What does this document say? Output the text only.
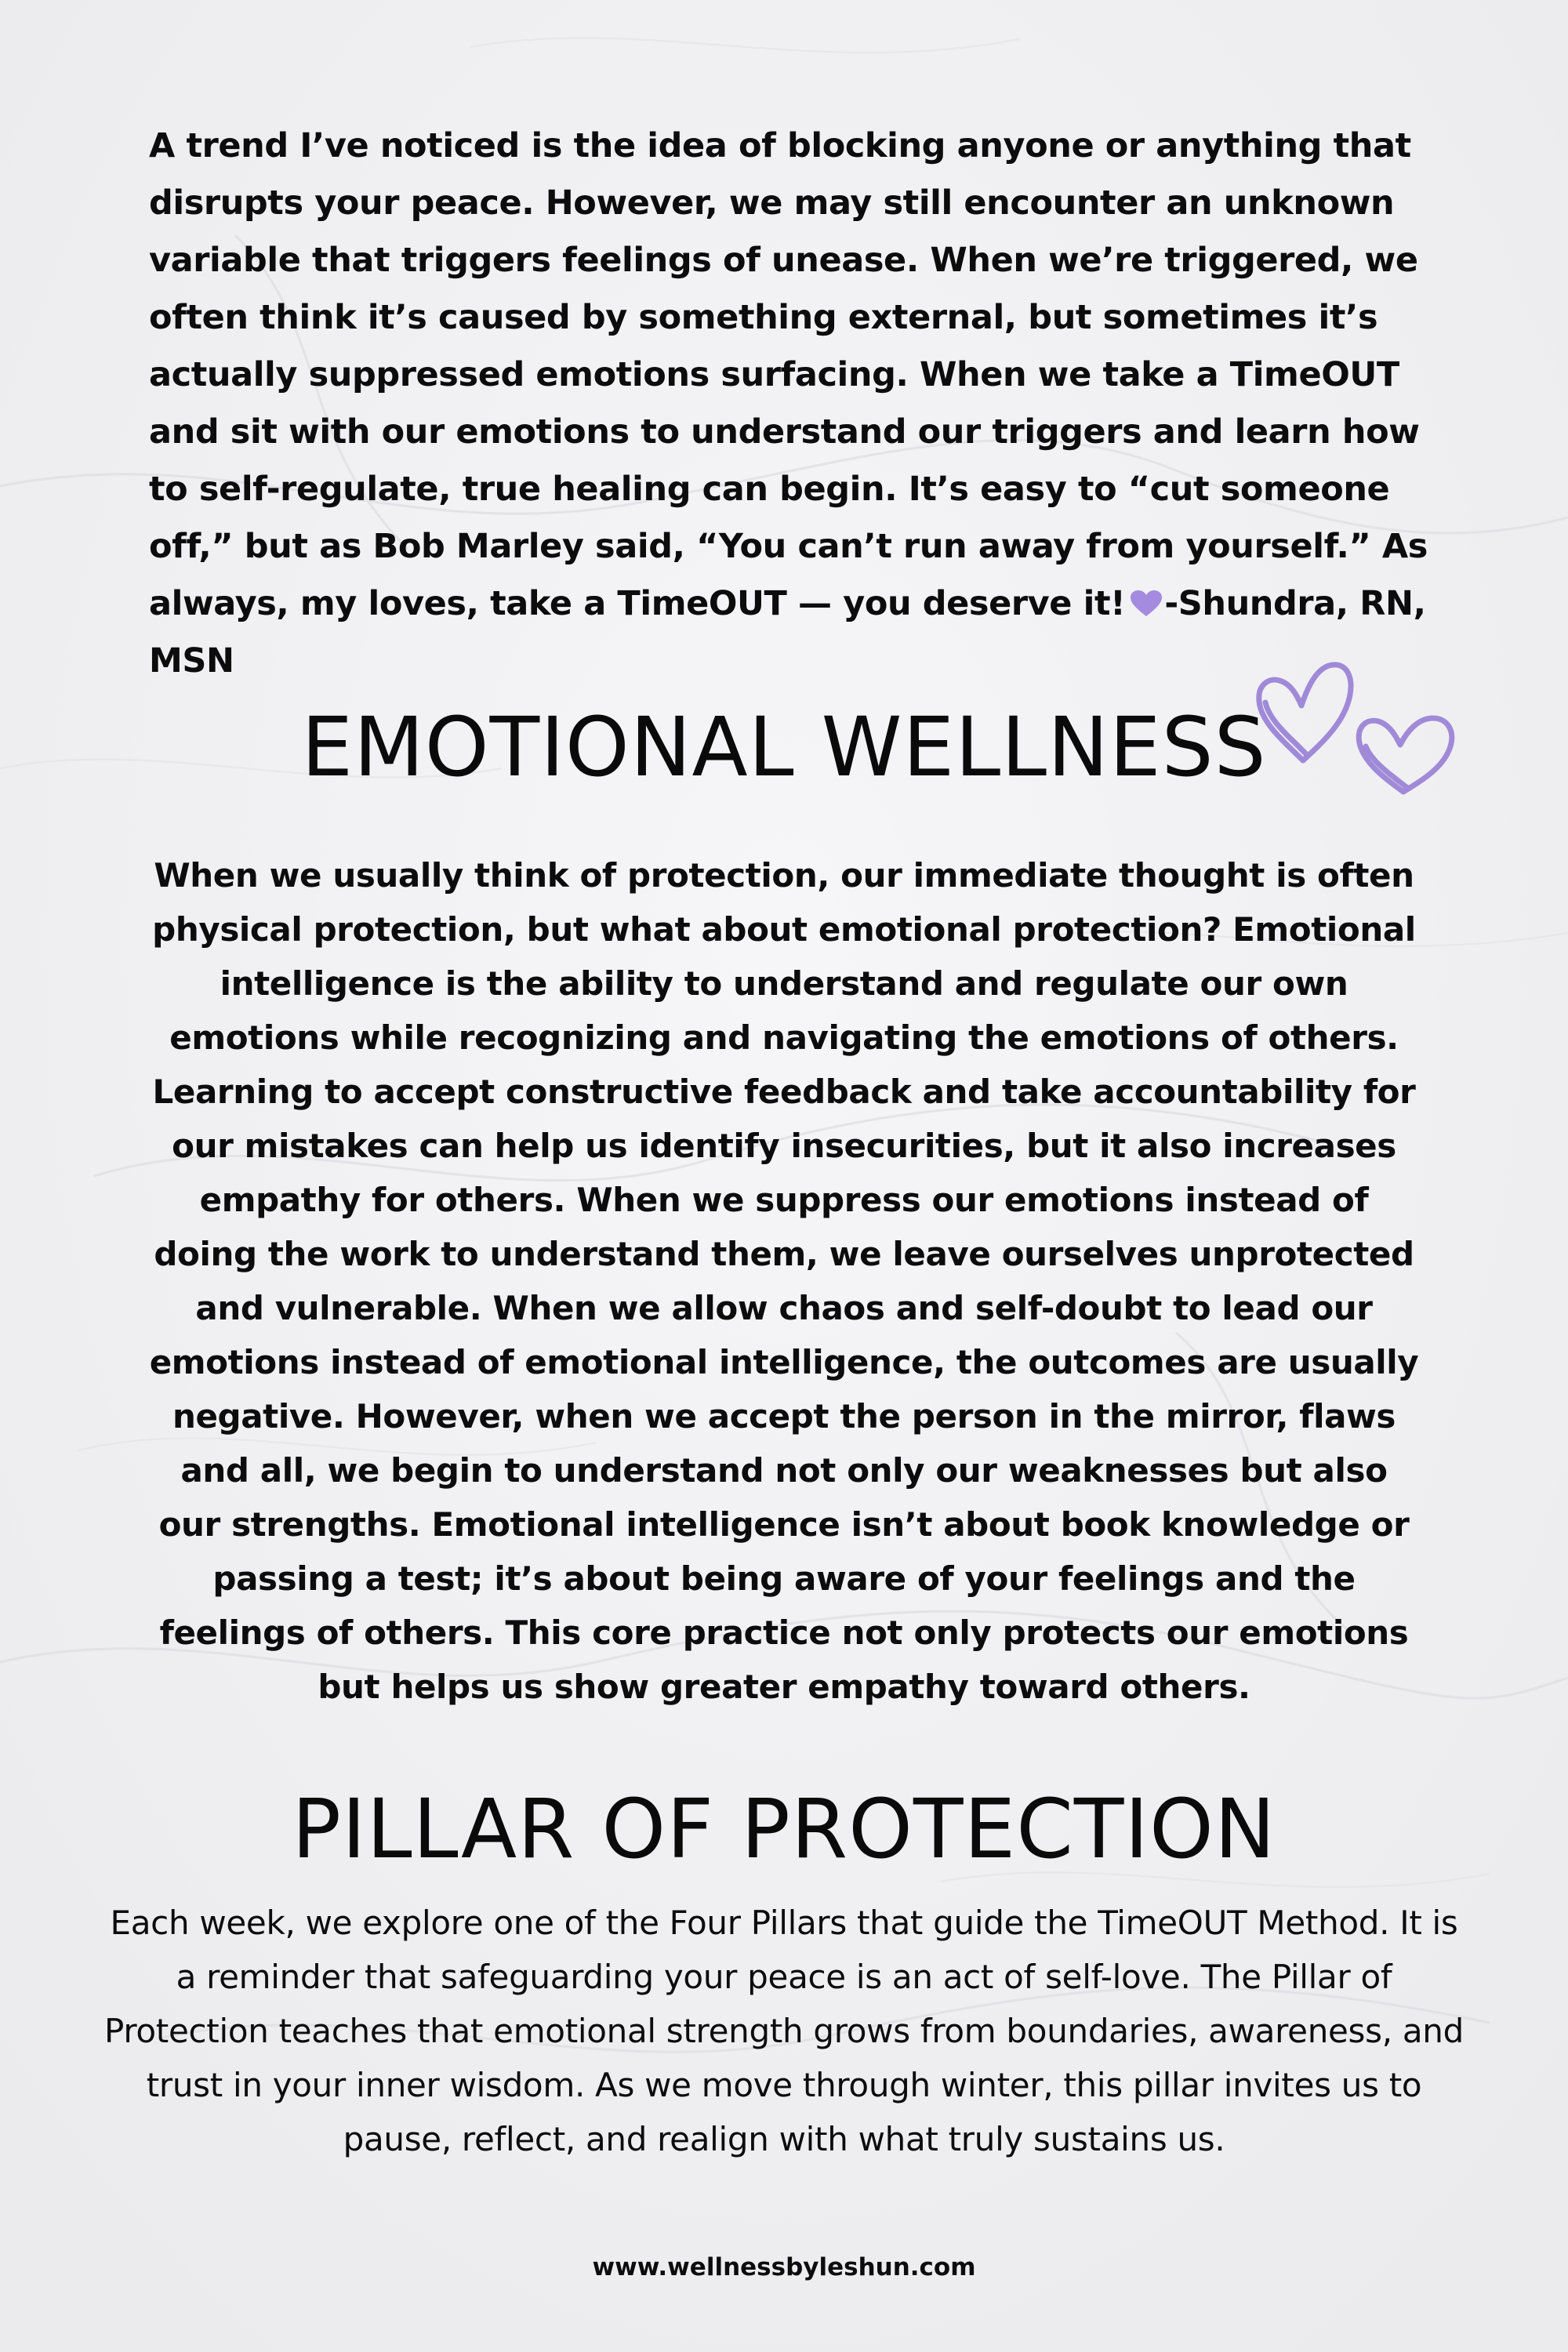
A trend I’ve noticed is the idea of blocking anyone or anything that disrupts your peace. However, we may still encounter an unknown variable that triggers feelings of unease. When we’re triggered, we often think it’s caused by something external, but sometimes it’s actually suppressed emotions surfacing. When we take a TimeOUT and sit with our emotions to understand our triggers and learn how to self-regulate, true healing can begin. It’s easy to “cut someone off,” but as Bob Marley said, “You can’t run away from yourself.” As always, my loves, take a TimeOUT — you deserve it! -Shundra, RN, MSN

EMOTIONAL WELLNESS

When we usually think of protection, our immediate thought is often physical protection, but what about emotional protection? Emotional intelligence is the ability to understand and regulate our own emotions while recognizing and navigating the emotions of others. Learning to accept constructive feedback and take accountability for our mistakes can help us identify insecurities, but it also increases empathy for others. When we suppress our emotions instead of doing the work to understand them, we leave ourselves unprotected and vulnerable. When we allow chaos and self-doubt to lead our emotions instead of emotional intelligence, the outcomes are usually negative. However, when we accept the person in the mirror, flaws and all, we begin to understand not only our weaknesses but also our strengths. Emotional intelligence isn’t about book knowledge or passing a test; it’s about being aware of your feelings and the feelings of others. This core practice not only protects our emotions but helps us show greater empathy toward others.

PILLAR OF PROTECTION

Each week, we explore one of the Four Pillars that guide the TimeOUT Method. It is a reminder that safeguarding your peace is an act of self-love. The Pillar of Protection teaches that emotional strength grows from boundaries, awareness, and trust in your inner wisdom. As we move through winter, this pillar invites us to pause, reflect, and realign with what truly sustains us.

www.wellnessbyleshun.com
